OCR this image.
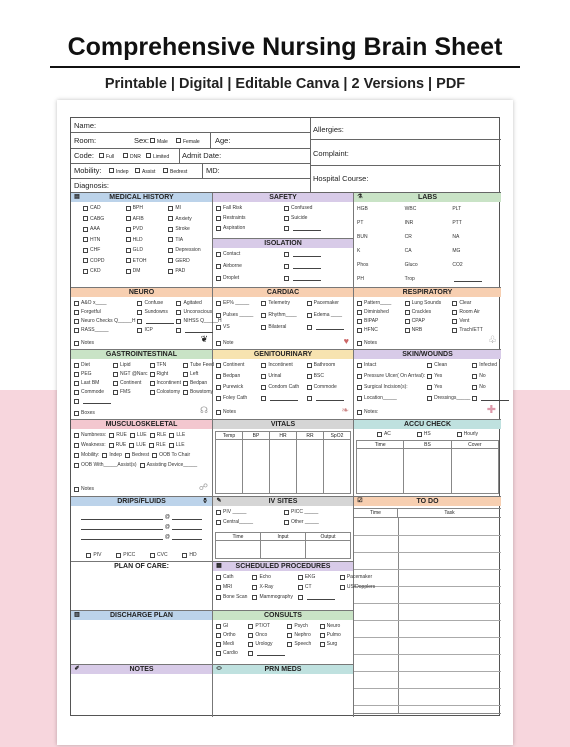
Comprehensive Nursing Brain Sheet
Printable | Digital | Editable Canva | 2 Versions | PDF
Name:
Room:	Sex:	Male	Female Age:
Code:	Full	DNR	Limited Admit Date:
Mobility:	Indep	Assist	Bedrest	MD:
Diagnosis:
Allergies:
Complaint:
Hospital Course:
▤	MEDICAL HISTORY
CAD	BPH	MI
CABG	AFIB	Anxiety
AAA	PVD	Stroke
HTN	HLD	TIA
CHF	GLD	Depression
COPD	ETOH	GERD
CKD	DM	PAD
SAFETY
Fall Risk	Confused
Restraints	Suicide
Aspiration
ISOLATION
Contact
Airborne
Droplet
⚗	LABS
HGB	WBC	PLT
PT	INR	PTT
BUN	CR	NA
K	CA	MG
Phos	Gluco	CO2
PH	Trop
NEURO
A&O x____	Confuse	Agitated
Forgetful	Sundowns	Unconscious
Neuro Checks Q_____H	NIHSS Q_____H
RASS_____	ICP
Notes	❦
CARDIAC
EF% _____	Telemetry	Pacemaker
Pulses _____	Rhythm____	Edema ____
VS	Bilateral
Note	♥
RESPIRATORY
Pattern____	Lung Sounds	Clear
Diminished	Crackles	Room Air
BIPAP	CPAP	Vent
HFNC	NRB	Trach/ETT
Notes	♧
GASTROINTESTINAL
Diet	Lipid	TFN	Tube Feed
PEG	NGT @Narc Right	Left
Last BM	Continent	Incontinent Bedpan
Commode	FMS	Colostomy Bowstomy
Boxes	☊
GENITOURINARY
Continent	Incontinent	Bathroom
Bedpan	Urinal	BSC
Purewick	Condom Cath	Commode
Foley Cath
Notes	❧
SKIN/WOUNDS
Intact	Clean	Infected
Pressure Ulcer( On Arrival): Yes	No
Surgical Incision(s):	Yes	No
Location_____	Dressings_____
Notes:	✚
MUSCULOSKELETAL
Numbness: RUE LUE RLE LLE
Weakness: RUE LUE RLE LLE
Mobility: Indep Bedrest OOB To Chair
OOB With_____Assist(s) Assisting Device_____
Notes	☍
VITALS
Temp	BP	HR	RR	SpO2
ACCU CHECK
AC	HS	Hourly
Time	BS	Cover
DRIPS/FLUIDS	⚱
@
@
@
PIV	PICC	CVC	HD
✎	IV SITES
PIV _____	PICC _____
Central_____	Other _____
Time	Input	Output
☑	TO DO
Time	Task
PLAN OF CARE:	▦ SCHEDULED PROCEDURES
Cath	Echo	EKG	Pacemaker
MRI	X-Ray	CT	US/Dopplers
Bone Scan Mammography
▥	DISCHARGE PLAN	CONSULTS
GI	PT/OT	Psych	Neuro
Ortho	Onco	Nephro	Pulmo
Medi	Urology	Speech	Surg
Cardio
✐	NOTES	⬭	PRN MEDS
